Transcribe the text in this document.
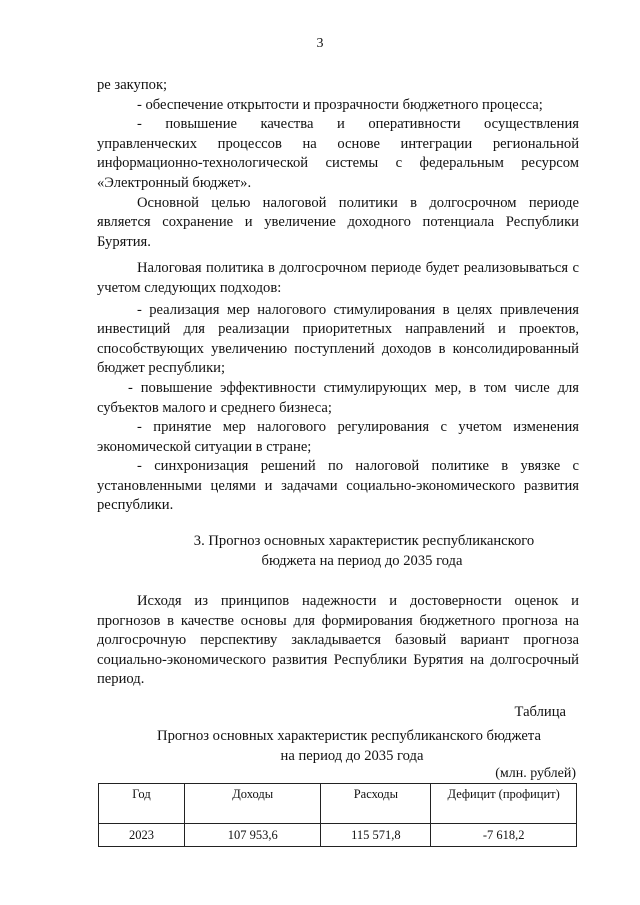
3

ре закупок;

- обеспечение открытости и прозрачности бюджетного процесса;

- повышение качества и оперативности осуществления управленческих процессов на основе интеграции региональной информационно-технологической системы с федеральным ресурсом «Электронный бюджет».

Основной целью налоговой политики в долгосрочном периоде является сохранение и увеличение доходного потенциала Республики Бурятия.

Налоговая политика в долгосрочном периоде будет реализовываться с учетом следующих подходов:

- реализация мер налогового стимулирования в целях привлечения инвестиций для реализации приоритетных направлений и проектов, способствующих увеличению поступлений доходов в консолидированный бюджет республики;

- повышение эффективности стимулирующих мер, в том числе для субъектов малого и среднего бизнеса;

- принятие мер налогового регулирования с учетом изменения экономической ситуации в стране;

- синхронизация решений по налоговой политике в увязке с установленными целями и задачами социально-экономического развития республики.

3. Прогноз основных характеристик республиканского
бюджета на период до 2035 года

Исходя из принципов надежности и достоверности оценок и прогнозов в качестве основы для формирования бюджетного прогноза на долгосрочную перспективу закладывается базовый вариант прогноза социально-экономического развития Республики Бурятия на долгосрочный период.

Таблица
Прогноз основных характеристик республиканского бюджета
на период до 2035 года
(млн. рублей)
Год	Доходы	Расходы	Дефицит (профицит)
2023	107 953,6	115 571,8	-7 618,2
